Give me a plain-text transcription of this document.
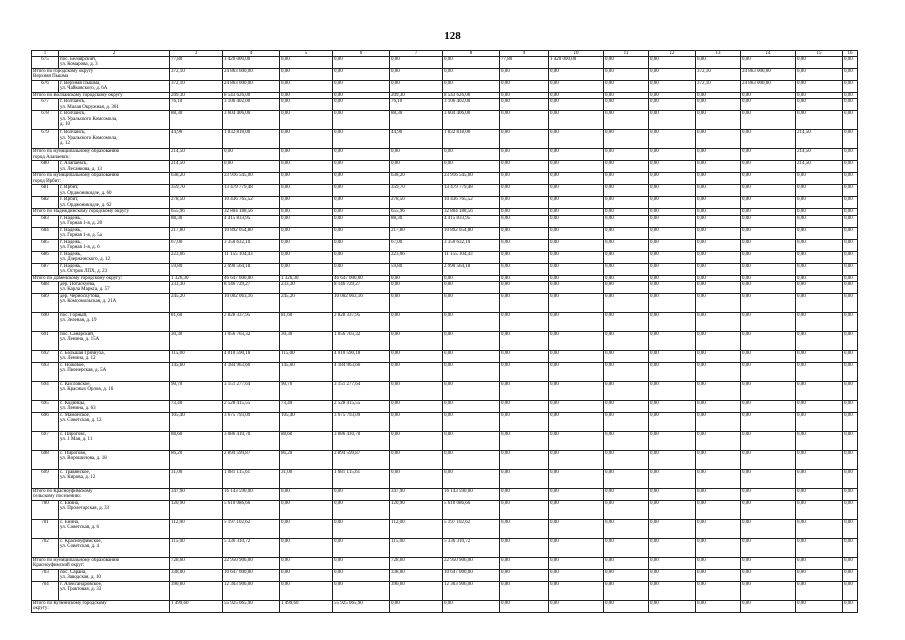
128
1	2	3	4	5	6	7	8	9	10	11	12	13	14	15	16
675	пос. Белоярский,
ул. Комарова, д. 3	77,80	1 420 000,00	0,00	0,00	0,00	0,00	77,80	1 420 000,00	0,00	0,00	0,00	0,00	0,00	0,00

Итого по городскому округу
Верхняя Пышма		372,10	24 863 000,00	0,00	0,00	0,00	0,00	0,00	0,00	0,00	0,00	372,10	24 863 000,00	0,00	0,00
676	г. Верхняя Пышма,
ул. Чайковского, д. 6А	372,10	24 863 000,00	0,00	0,00	0,00	0,00	0,00	0,00	0,00	0,00	372,10	24 863 000,00	0,00	0,00

Итого по Волчанскому городскому округу		209,30	8 543 626,00	0,00	0,00	209,30	8 543 626,00	0,00	0,00	0,00	0,00	0,00	0,00	0,00	0,00
677	г. Волчанск,
ул. Малая Окружная, д. 301	76,10	3 106 402,00	0,00	0,00	76,10	3 106 402,00	0,00	0,00	0,00	0,00	0,00	0,00	0,00	0,00
678	г. Волчанск,
ул. Уральского Комсомола,
д. 10	88,30	3 604 406,00	0,00	0,00	88,30	3 604 406,00	0,00	0,00	0,00	0,00	0,00	0,00	0,00	0,00
679	г. Волчанск,
ул. Уральского Комсомола,
д. 12	44,90	1 832 818,00	0,00	0,00	44,90	1 832 818,00	0,00	0,00	0,00	0,00	0,00	0,00	214,50	0,00

Итого по муниципальному образованию
город Алапаевск:		214,50	0,00	0,00	0,00	0,00	0,00	0,00	0,00	0,00	0,00	0,00	0,00	214,50	0,00
680	г. Алапаевск,
ул. Лесанкова, д. 13	214,50	0,00	0,00	0,00	0,00	0,00	0,00	0,00	0,00	0,00	0,00	0,00	214,50	0,00

Итого по муниципальному образованию
город Ирбит:		638,20	23 916 545,00	0,00	0,00	638,20	23 916 545,00	0,00	0,00	0,00	0,00	0,00	0,00	0,00	0,00
681	г. Ирбит,
ул. Орджоникидзе, д. 60	359,70	13 479 779,48	0,00	0,00	359,70	13 479 779,48	0,00	0,00	0,00	0,00	0,00	0,00	0,00	0,00
682	г. Ирбит,
ул. Орджоникидзе, д. 62	278,50	10 436 765,52	0,00	0,00	278,50	10 436 765,52	0,00	0,00	0,00	0,00	0,00	0,00	0,00	0,00

Итого по Надеждинскому городскому округу		655,96	32 804 188,56	0,00	0,00	655,96	32 804 188,56	0,00	0,00	0,00	0,00	0,00	0,00	0,00	0,00
683	г. Надежь,
ул. Горная 1-я, д. 20	88,30	4 415 833,95	0,00	0,00	88,30	4 415 833,95	0,00	0,00	0,00	0,00	0,00	0,00	0,00	0,00
684	г. Надежь,
ул. Горная 1-я, д. 5а	217,80	10 892 054,80	0,00	0,00	217,80	10 892 054,80	0,00	0,00	0,00	0,00	0,00	0,00	0,00	0,00
685	г. Надежь,
ул. Горная 1-я, д. 6	67,00	3 350 632,10	0,00	0,00	67,00	3 350 632,10	0,00	0,00	0,00	0,00	0,00	0,00	0,00	0,00
686	г. Надежь,
ул. Дзержинского, д. 12	223,06	11 155 104,43	0,00	0,00	223,06	11 155 104,43	0,00	0,00	0,00	0,00	0,00	0,00	0,00	0,00
687	г. Надежь,
ул. Остров ЛПХ, д. 23	59,80	2 990 564,18	0,00	0,00	59,80	2 990 564,18	0,00	0,00	0,00	0,00	0,00	0,00	0,00	0,00

Итого по Даменскому городскому округу:		1 326,30	46 647 000,00	1 326,30	46 647 000,00	0,00	0,00	0,00	0,00	0,00	0,00	0,00	0,00	0,00	0,00
688	дер. Потаскуева,
ул. Карла Маркса, д. 57	233,30	8 146 729,27	233,30	8 146 729,27	0,00	0,00	0,00	0,00	0,00	0,00	0,00	0,00	0,00	0,00
689	дер. Черноскутова,
ул. Комсомольская, д. 21А	245,20	10 002 063,16	245,20	10 002 063,16	0,00	0,00	0,00	0,00	0,00	0,00	0,00	0,00	0,00	0,00
690	пос. Горный,
ул. Зеленая, д. 19	81,60	2 828 337,95	81,60	2 828 337,95	0,00	0,00	0,00	0,00	0,00	0,00	0,00	0,00	0,00	0,00
691	пос. Санарский,
ул. Ленина, д. 15А	30,30	1 056 703,32	30,30	1 056 703,32	0,00	0,00	0,00	0,00	0,00	0,00	0,00	0,00	0,00	0,00
692	с. Большая Грязнуха,
ул. Ленина, д. 12	115,00	4 010 590,18	115,00	4 010 590,18	0,00	0,00	0,00	0,00	0,00	0,00	0,00	0,00	0,00	0,00
693	с. Ножовое,
ул. Пионерская, д. 5А	145,60	4 184 963,66	145,60	4 184 963,66	0,00	0,00	0,00	0,00	0,00	0,00	0,00	0,00	0,00	0,00
694	с. Кисловское,
ул. Красных Орлов, д. 16	90,70	3 151 277,64	90,70	3 151 277,64	0,00	0,00	0,00	0,00	0,00	0,00	0,00	0,00	0,00	0,00
695	с. Кодинцы,
ул. Ленина, д. 63	73,40	2 528 415,55	73,40	2 528 415,55	0,00	0,00	0,00	0,00	0,00	0,00	0,00	0,00	0,00	0,00
696	с. Мамонское,
ул. Советская, д. 12	105,40	3 675 793,09	105,40	3 675 793,09	0,00	0,00	0,00	0,00	0,00	0,00	0,00	0,00	0,00	0,00
697	с. Пироговс,
ул. 1 Мая, д. 11	88,60	3 086 410,70	88,60	3 086 410,70	0,00	0,00	0,00	0,00	0,00	0,00	0,00	0,00	0,00	0,00
698	с. Пирогово,
ул. Ворошилова, д. 18	86,20	2 894 599,87	86,20	2 894 599,87	0,00	0,00	0,00	0,00	0,00	0,00	0,00	0,00	0,00	0,00
699	с. Травянское,
ул. Кирова, д. 12	31,00	1 081 115,61	31,00	1 081 115,61	0,00	0,00	0,00	0,00	0,00	0,00	0,00	0,00	0,00	0,00

Итого по Красноуфимскому
сельскому поселению:		347,90	16 143 590,00	0,00	0,00	347,90	16 143 590,00	0,00	0,00	0,00	0,00	0,00	0,00	0,00	0,00
700	с. Енина,
ул. Пролетарская, д. 33	120,90	5 610 086,66	0,00	0,00	120,90	5 610 086,66	0,00	0,00	0,00	0,00	0,00	0,00	0,00	0,00
701	с. Енина,
ул. Советская, д. 6	112,00	5 197 102,62	0,00	0,00	112,00	5 197 102,62	0,00	0,00	0,00	0,00	0,00	0,00	0,00	0,00
702	с. Красноуфимское,
ул. Советская, д. 4	115,00	5 336 310,72	0,00	0,00	115,00	5 336 310,72	0,00	0,00	0,00	0,00	0,00	0,00	0,00	0,00

Итого по муниципальному образованию
Красноуфимский округ:		728,60	22 950 906,00	0,00	0,00	728,60	22 950 906,00	0,00	0,00	0,00	0,00	0,00	0,00	0,00	0,00
703	пос. Сарана,
ул. Заводская, д. 10	338,00	10 647 000,00	0,00	0,00	338,00	10 647 000,00	0,00	0,00	0,00	0,00	0,00	0,00	0,00	0,00
704	г. Александровское,
ул. Трактовая, д. 33	390,60	12 303 906,00	0,00	0,00	390,60	12 303 906,00	0,00	0,00	0,00	0,00	0,00	0,00	0,00	0,00

Итого по Кузнинскому городскому
округу:		1 499,60	55 925 065,90	1 499,60	55 925 065,90	0,00	0,00	0,00	0,00	0,00	0,00	0,00	0,00	0,00	0,00
